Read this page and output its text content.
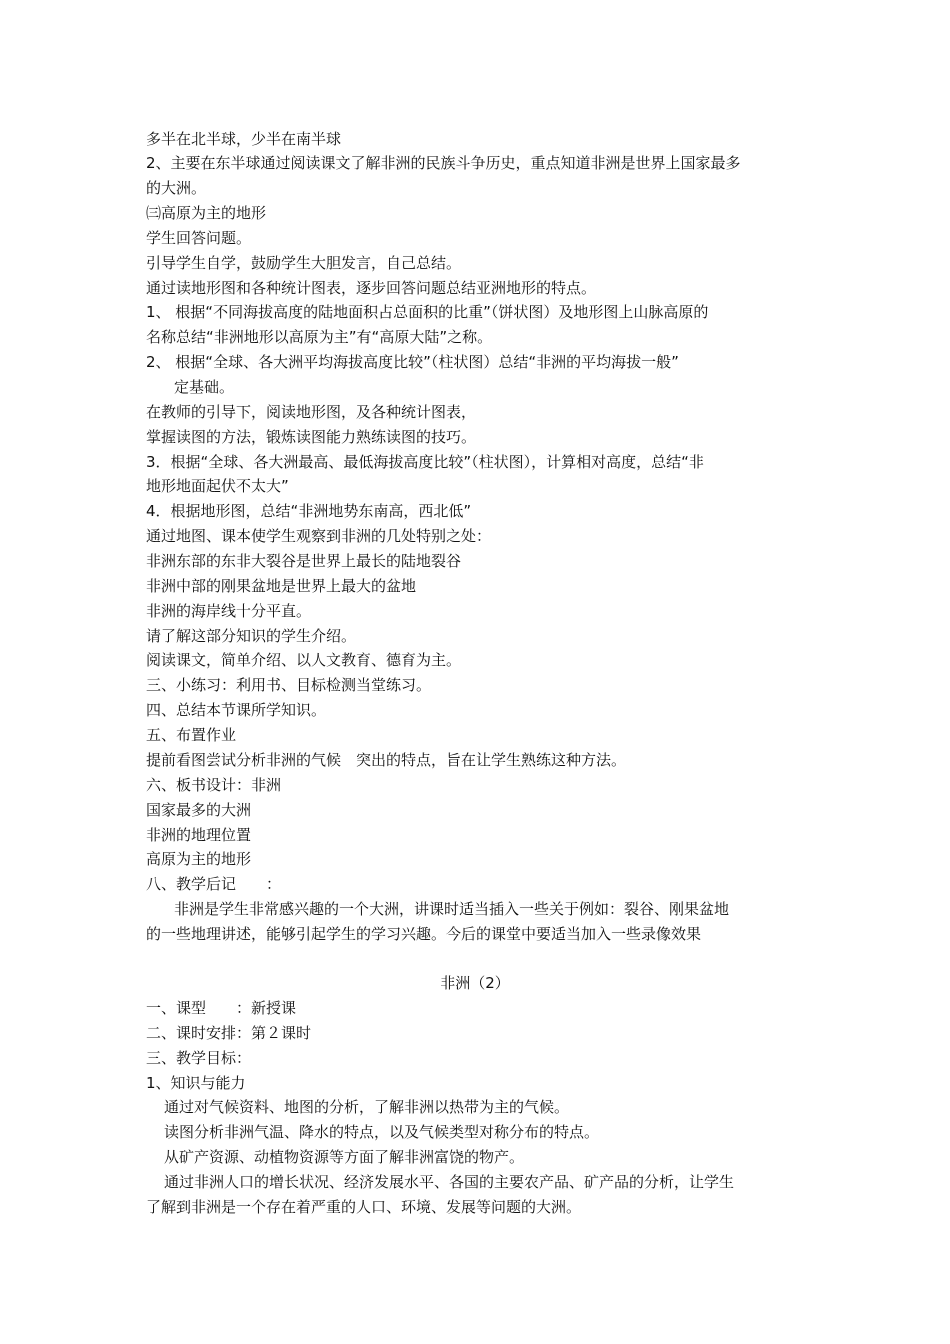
多半在北半球，少半在南半球
2、主要在东半球通过阅读课文了解非洲的民族斗争历史，重点知道非洲是世界上国家最多
的大洲。
㈢高原为主的地形
学生回答问题。
引导学生自学，鼓励学生大胆发言，自己总结。
通过读地形图和各种统计图表，逐步回答问题总结亚洲地形的特点。
1、 根据“不同海拔高度的陆地面积占总面积的比重”（饼状图）及地形图上山脉高原的
名称总结“非洲地形以高原为主”有“高原大陆”之称。
2、 根据“全球、各大洲平均海拔高度比较”（柱状图）总结“非洲的平均海拔一般”
定基础。
在教师的引导下，阅读地形图，及各种统计图表，
掌握读图的方法，锻炼读图能力熟练读图的技巧。
3．根据“全球、各大洲最高、最低海拔高度比较”（柱状图），计算相对高度，总结“非
地形地面起伏不太大”
4．根据地形图，总结“非洲地势东南高，西北低”
通过地图、课本使学生观察到非洲的几处特别之处：
非洲东部的东非大裂谷是世界上最长的陆地裂谷
非洲中部的刚果盆地是世界上最大的盆地
非洲的海岸线十分平直。
请了解这部分知识的学生介绍。
阅读课文，简单介绍、以人文教育、德育为主。
三、小练习：利用书、目标检测当堂练习。
四、总结本节课所学知识。
五、布置作业
提前看图尝试分析非洲的气候　突出的特点，旨在让学生熟练这种方法。
六、板书设计：非洲
国家最多的大洲
非洲的地理位置
高原为主的地形
八、教学后记　　：
非洲是学生非常感兴趣的一个大洲，讲课时适当插入一些关于例如：裂谷、刚果盆地
的一些地理讲述，能够引起学生的学习兴趣。今后的课堂中要适当加入一些录像效果
非洲（2）
一、课型　　：新授课
二、课时安排：第２课时
三、教学目标：
1、知识与能力
通过对气候资料、地图的分析，了解非洲以热带为主的气候。
读图分析非洲气温、降水的特点，以及气候类型对称分布的特点。
从矿产资源、动植物资源等方面了解非洲富饶的物产。
通过非洲人口的增长状况、经济发展水平、各国的主要农产品、矿产品的分析，让学生
了解到非洲是一个存在着严重的人口、环境、发展等问题的大洲。
